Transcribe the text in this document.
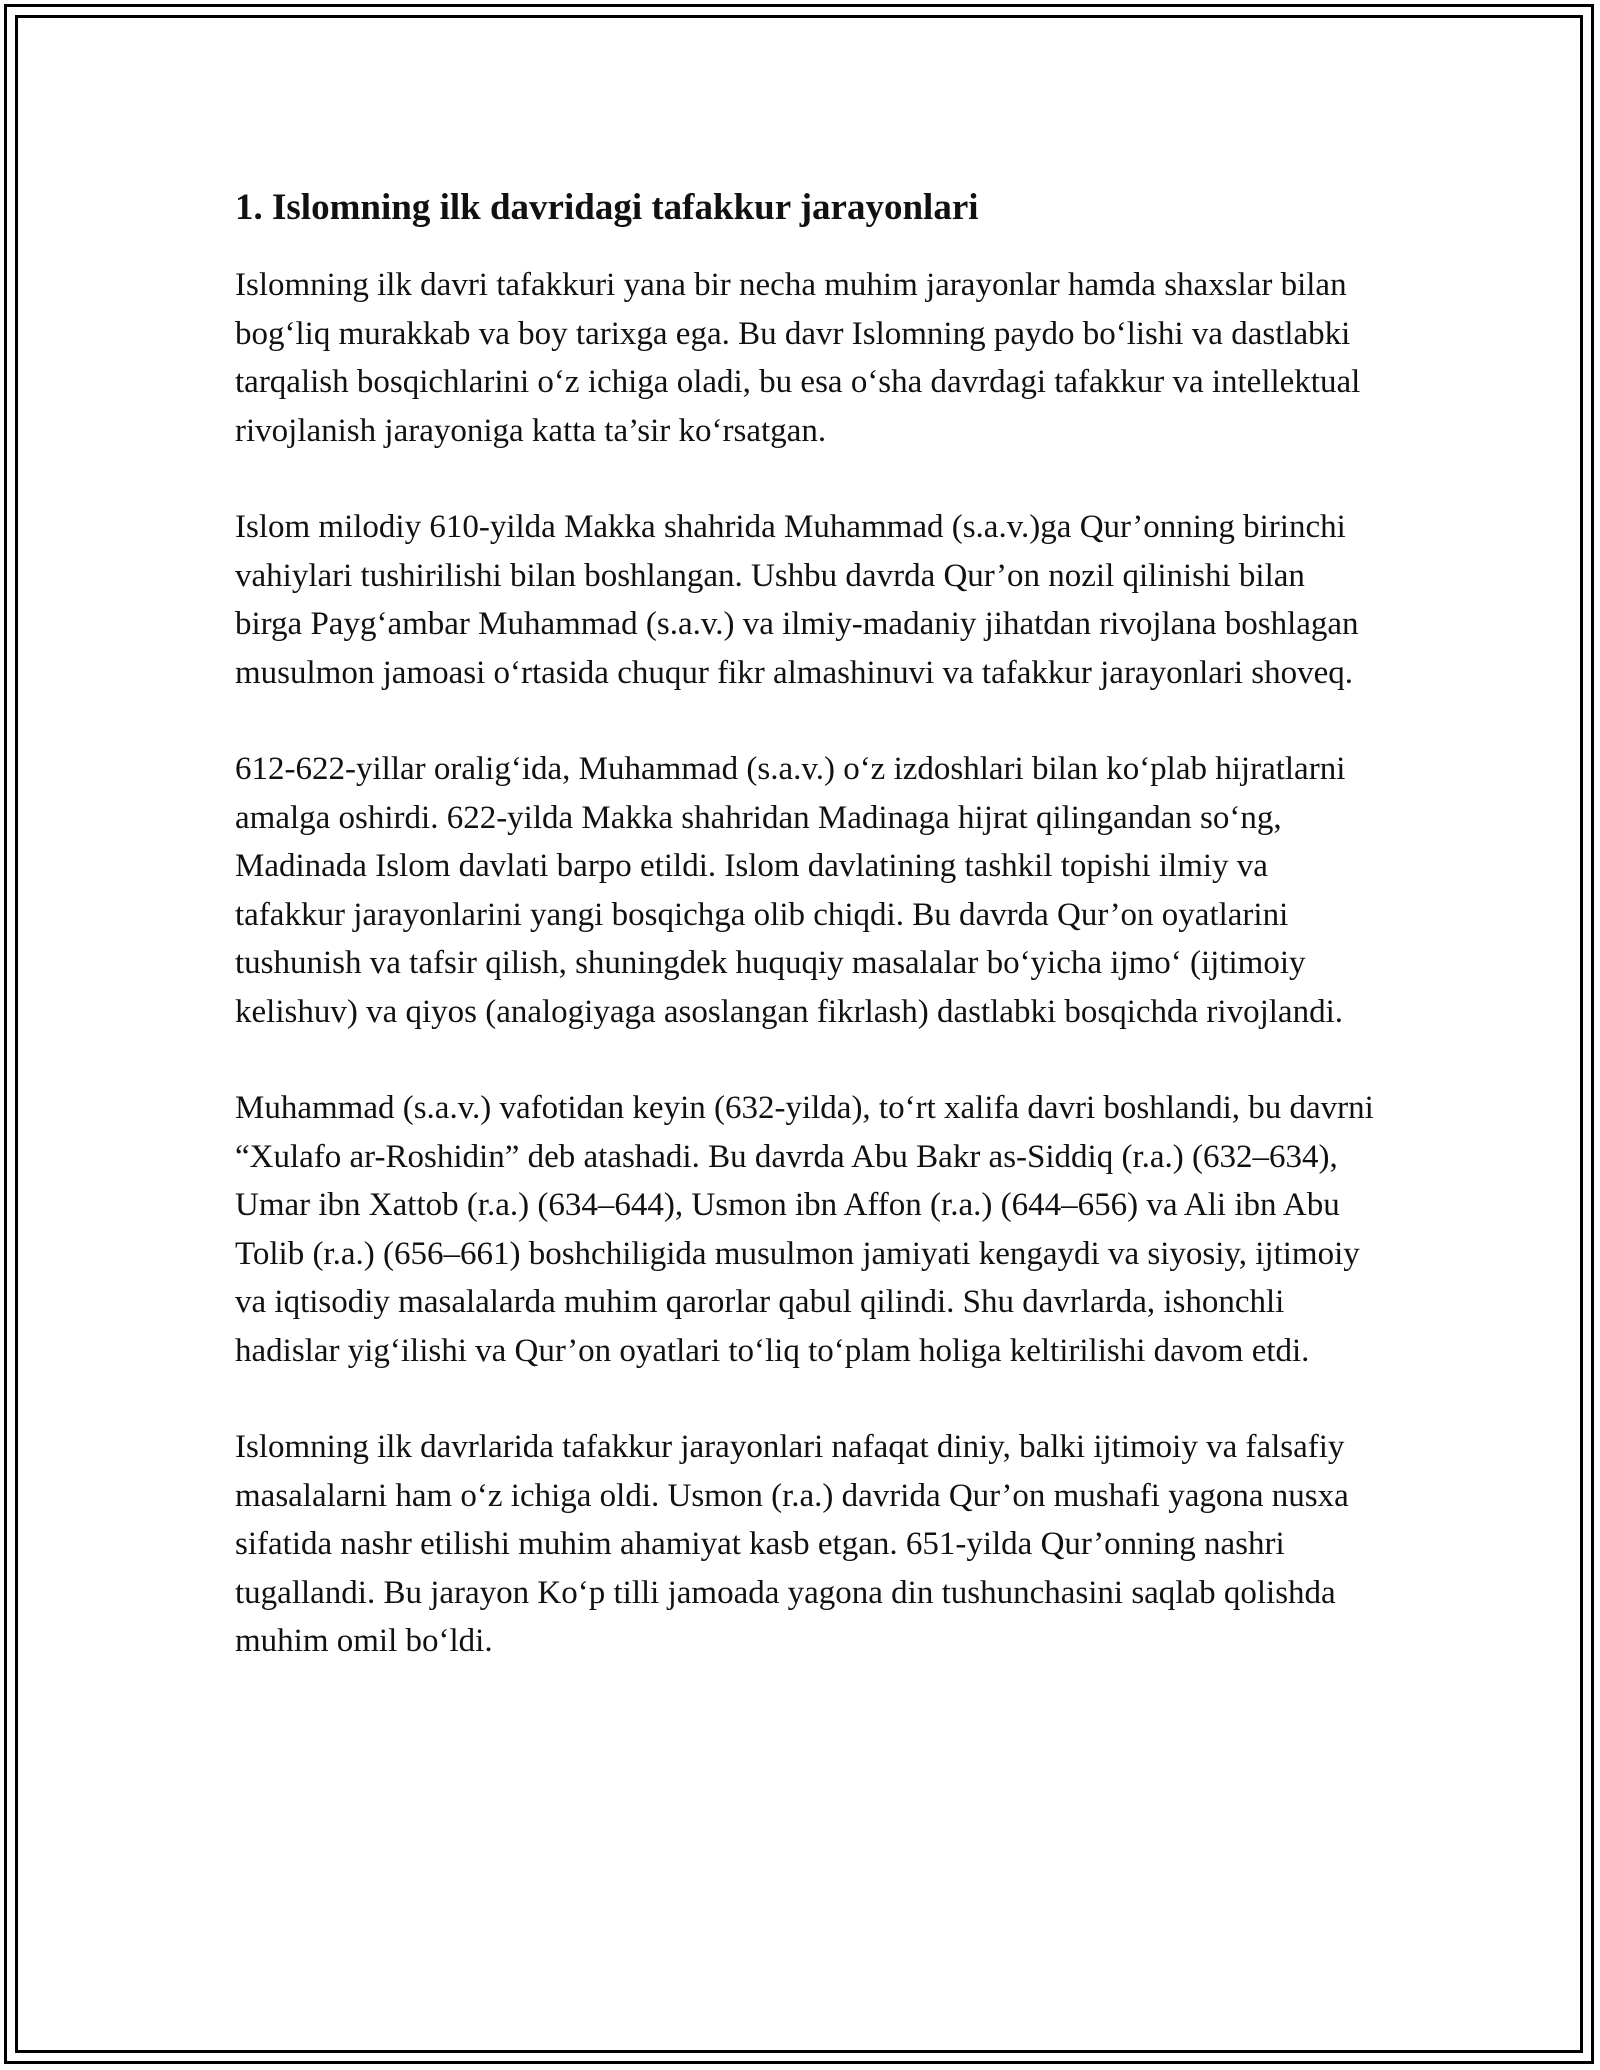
1. Islomning ilk davridagi tafakkur jarayonlari

Islomning ilk davri tafakkuri yana bir necha muhim jarayonlar hamda shaxslar bilan bog‘liq murakkab va boy tarixga ega. Bu davr Islomning paydo bo‘lishi va dastlabki tarqalish bosqichlarini o‘z ichiga oladi, bu esa o‘sha davrdagi tafakkur va intellektual rivojlanish jarayoniga katta ta’sir ko‘rsatgan.

Islom milodiy 610-yilda Makka shahrida Muhammad (s.a.v.)ga Qur’onning birinchi vahiylari tushirilishi bilan boshlangan. Ushbu davrda Qur’on nozil qilinishi bilan birga Payg‘ambar Muhammad (s.a.v.) va ilmiy-madaniy jihatdan rivojlana boshlagan musulmon jamoasi o‘rtasida chuqur fikr almashinuvi va tafakkur jarayonlari shoveq.

612-622-yillar oralig‘ida, Muhammad (s.a.v.) o‘z izdoshlari bilan ko‘plab hijratlarni amalga oshirdi. 622-yilda Makka shahridan Madinaga hijrat qilingandan so‘ng, Madinada Islom davlati barpo etildi. Islom davlatining tashkil topishi ilmiy va tafakkur jarayonlarini yangi bosqichga olib chiqdi. Bu davrda Qur’on oyatlarini tushunish va tafsir qilish, shuningdek huquqiy masalalar bo‘yicha ijmo‘ (ijtimoiy kelishuv) va qiyos (analogiyaga asoslangan fikrlash) dastlabki bosqichda rivojlandi.

Muhammad (s.a.v.) vafotidan keyin (632-yilda), to‘rt xalifa davri boshlandi, bu davrni “Xulafo ar-Roshidin” deb atashadi. Bu davrda Abu Bakr as-Siddiq (r.a.) (632–634), Umar ibn Xattob (r.a.) (634–644), Usmon ibn Affon (r.a.) (644–656) va Ali ibn Abu Tolib (r.a.) (656–661) boshchiligida musulmon jamiyati kengaydi va siyosiy, ijtimoiy va iqtisodiy masalalarda muhim qarorlar qabul qilindi. Shu davrlarda, ishonchli hadislar yig‘ilishi va Qur’on oyatlari to‘liq to‘plam holiga keltirilishi davom etdi.

Islomning ilk davrlarida tafakkur jarayonlari nafaqat diniy, balki ijtimoiy va falsafiy masalalarni ham o‘z ichiga oldi. Usmon (r.a.) davrida Qur’on mushafi yagona nusxa sifatida nashr etilishi muhim ahamiyat kasb etgan. 651-yilda Qur’onning nashri tugallandi. Bu jarayon Ko‘p tilli jamoada yagona din tushunchasini saqlab qolishda muhim omil bo‘ldi.
